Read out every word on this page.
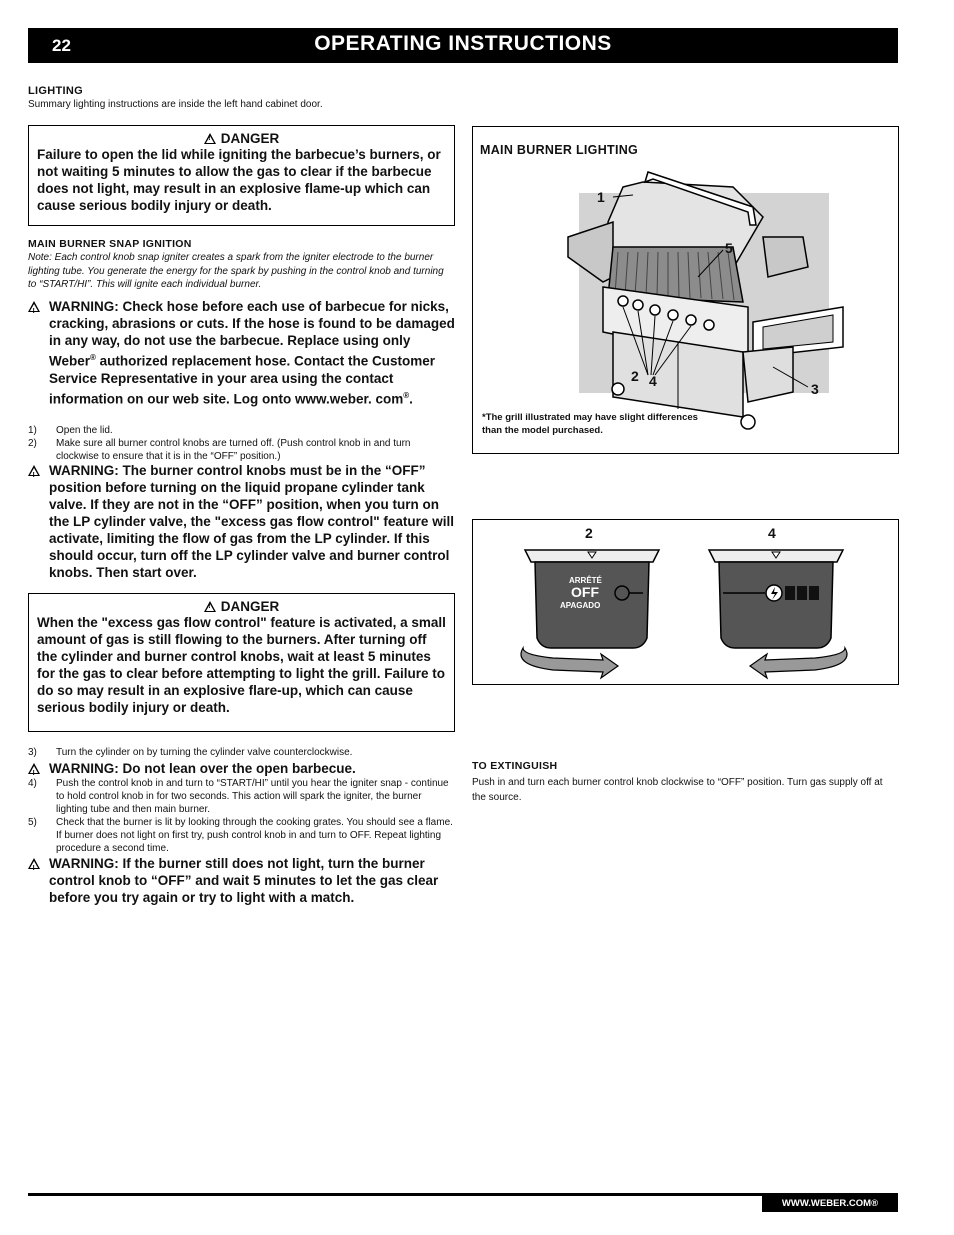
22	OPERATING INSTRUCTIONS
LIGHTING
Summary lighting instructions are inside the left hand cabinet door.
!DANGER
Failure to open the lid while igniting the barbecue’s burners, or not waiting 5 minutes to allow the gas to clear if the barbecue does not light, may result in an explosive flame-up which can cause serious bodily injury or death.
MAIN BURNER SNAP IGNITION
Note: Each control knob snap igniter creates a spark from the igniter electrode to the burner lighting tube. You generate the energy for the spark by pushing in the control knob and turning to “START/HI”. This will ignite each individual burner.
!
WARNING: Check hose before each use of barbecue for nicks, cracking, abrasions or cuts. If the hose is found to be damaged in any way, do not use the barbecue. Replace using only Weber® authorized replacement hose. Contact the Customer Service Representative in your area using the contact information on our web site. Log onto www.weber. com®.
1) Open the lid.
2) Make sure all burner control knobs are turned off. (Push control knob in and turn clockwise to ensure that it is in the “OFF” position.)
!
WARNING: The burner control knobs must be in the “OFF” position before turning on the liquid propane cylinder tank valve. If they are not in the “OFF” position, when you turn on the LP cylinder valve, the "excess gas flow control" feature will activate, limiting the flow of gas from the LP cylinder. If this should occur, turn off the LP cylinder valve and burner control knobs. Then start over.
!DANGER
When the "excess gas flow control" feature is activated, a small amount of gas is still flowing to the burners. After turning off the cylinder and burner control knobs, wait at least 5 minutes for the gas to clear before attempting to light the grill. Failure to do so may result in an explosive flare-up, which can cause serious bodily injury or death.
3) Turn the cylinder on by turning the cylinder valve counterclockwise.
!
WARNING: Do not lean over the open barbecue.
4) Push the control knob in and turn to “START/HI” until you hear the igniter snap - continue to hold control knob in for two seconds. This action will spark the igniter, the burner lighting tube and then main burner.
5) Check that the burner is lit by looking through the cooking grates. You should see a flame. If burner does not light on first try, push control knob in and turn to OFF. Repeat lighting procedure a second time.
!
WARNING: If the burner still does not light, turn the burner control knob to “OFF” and wait 5 minutes to let the gas clear before you try again or try to light with a match.
MAIN BURNER LIGHTING
1
5
2 4	3
*The grill illustrated may have slight differences than the model purchased.
2	4
ARRÊTÉ
OFF
APAGADO
TO EXTINGUISH
Push in and turn each burner control knob clockwise to “OFF” position. Turn gas supply off at the source.
WWW.WEBER.COM®
